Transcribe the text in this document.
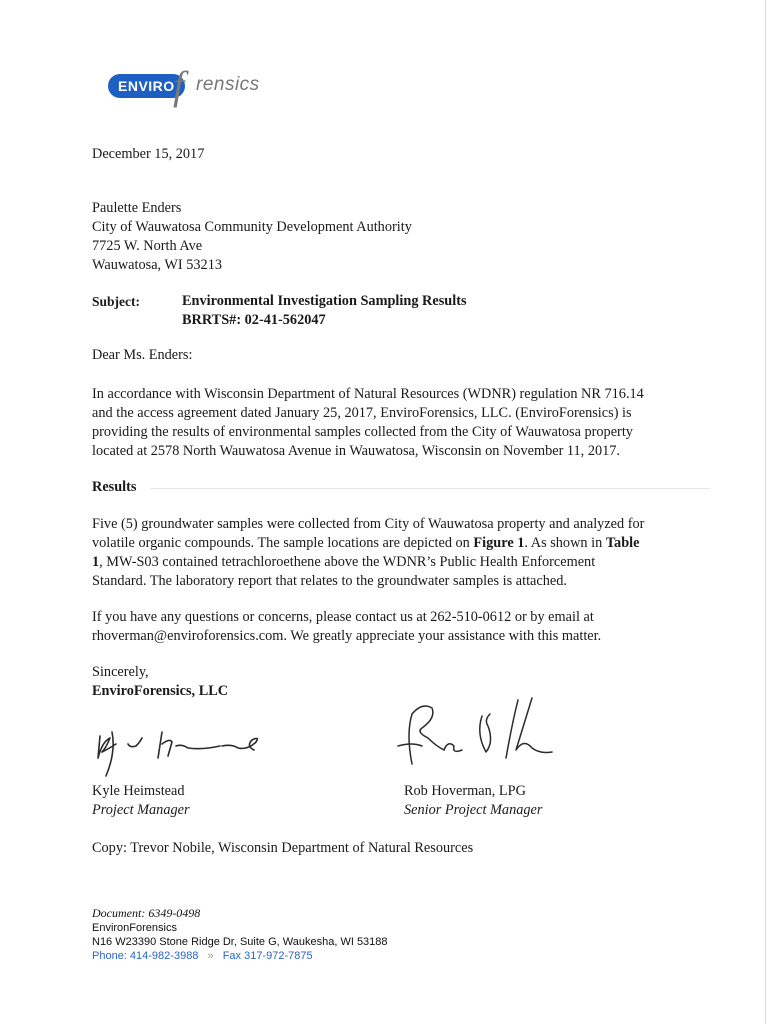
ENVIRO
f rensics
December 15, 2017
Paulette Enders
City of Wauwatosa Community Development Authority
7725 W. North Ave
Wauwatosa, WI 53213
Subject:	Environmental Investigation Sampling Results
BRRTS#: 02-41-562047
Dear Ms. Enders:
In accordance with Wisconsin Department of Natural Resources (WDNR) regulation NR 716.14
and the access agreement dated January 25, 2017, EnviroForensics, LLC. (EnviroForensics) is
providing the results of environmental samples collected from the City of Wauwatosa property
located at 2578 North Wauwatosa Avenue in Wauwatosa, Wisconsin on November 11, 2017.
Results
Five (5) groundwater samples were collected from City of Wauwatosa property and analyzed for
volatile organic compounds. The sample locations are depicted on Figure 1. As shown in Table
1, MW-S03 contained tetrachloroethene above the WDNR’s Public Health Enforcement
Standard. The laboratory report that relates to the groundwater samples is attached.
If you have any questions or concerns, please contact us at 262-510-0612 or by email at
rhoverman@enviroforensics.com. We greatly appreciate your assistance with this matter.
Sincerely,
EnviroForensics, LLC
Kyle Heimstead
Project Manager
Rob Hoverman, LPG
Senior Project Manager
Copy: Trevor Nobile, Wisconsin Department of Natural Resources
Document: 6349-0498
EnvironForensics
N16 W23390 Stone Ridge Dr, Suite G, Waukesha, WI 53188
Phone: 414-982-3988 » Fax 317-972-7875
